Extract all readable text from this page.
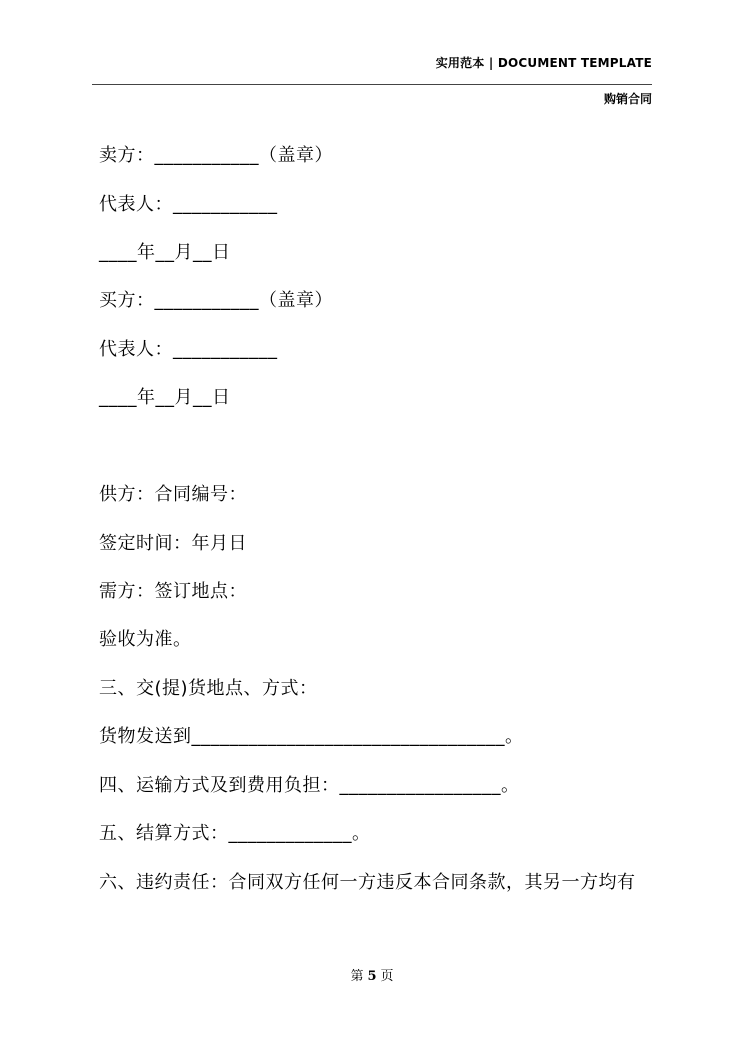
实用范本 | DOCUMENT TEMPLATE
购销合同
卖方：___________（盖章）
代表人：___________
____年__月__日
买方：___________（盖章）
代表人：___________
____年__月__日
供方：合同编号：
签定时间：年月日
需方：签订地点：
验收为准。
三、交(提)货地点、方式：
货物发送到_________________________________。
四、运输方式及到费用负担：_________________。
五、结算方式：_____________。
六、违约责任：合同双方任何一方违反本合同条款，其另一方均有
第 5 页
